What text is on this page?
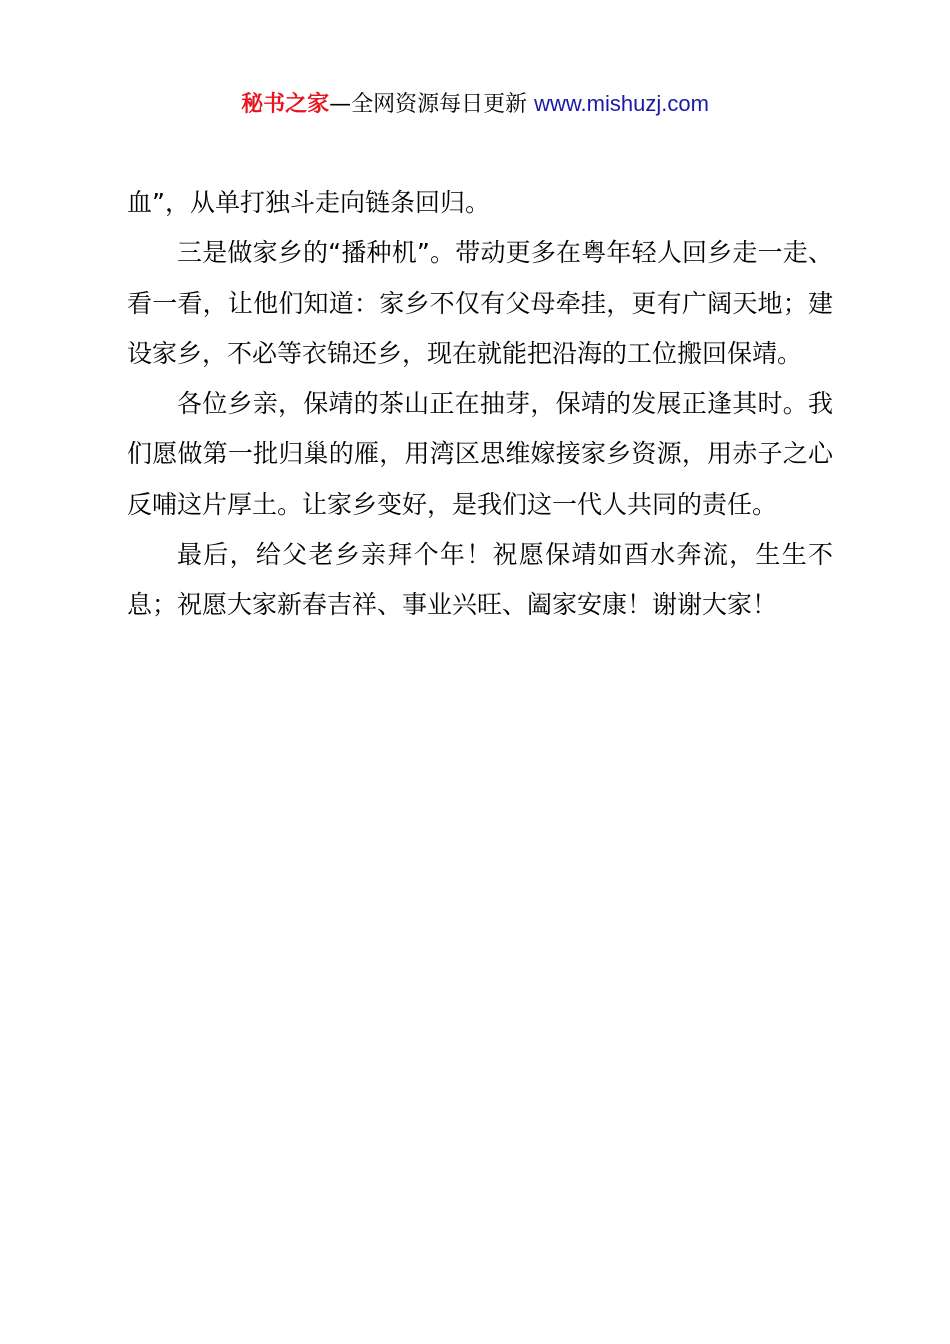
秘书之家—全网资源每日更新 www.mishuzj.com

血”，从单打独斗走向链条回归。

三是做家乡的“播种机”。带动更多在粤年轻人回乡走一走、看一看，让他们知道：家乡不仅有父母牵挂，更有广阔天地；建设家乡，不必等衣锦还乡，现在就能把沿海的工位搬回保靖。

各位乡亲，保靖的茶山正在抽芽，保靖的发展正逢其时。我们愿做第一批归巢的雁，用湾区思维嫁接家乡资源，用赤子之心反哺这片厚土。让家乡变好，是我们这一代人共同的责任。

最后，给父老乡亲拜个年！祝愿保靖如酉水奔流，生生不息；祝愿大家新春吉祥、事业兴旺、阖家安康！谢谢大家！
